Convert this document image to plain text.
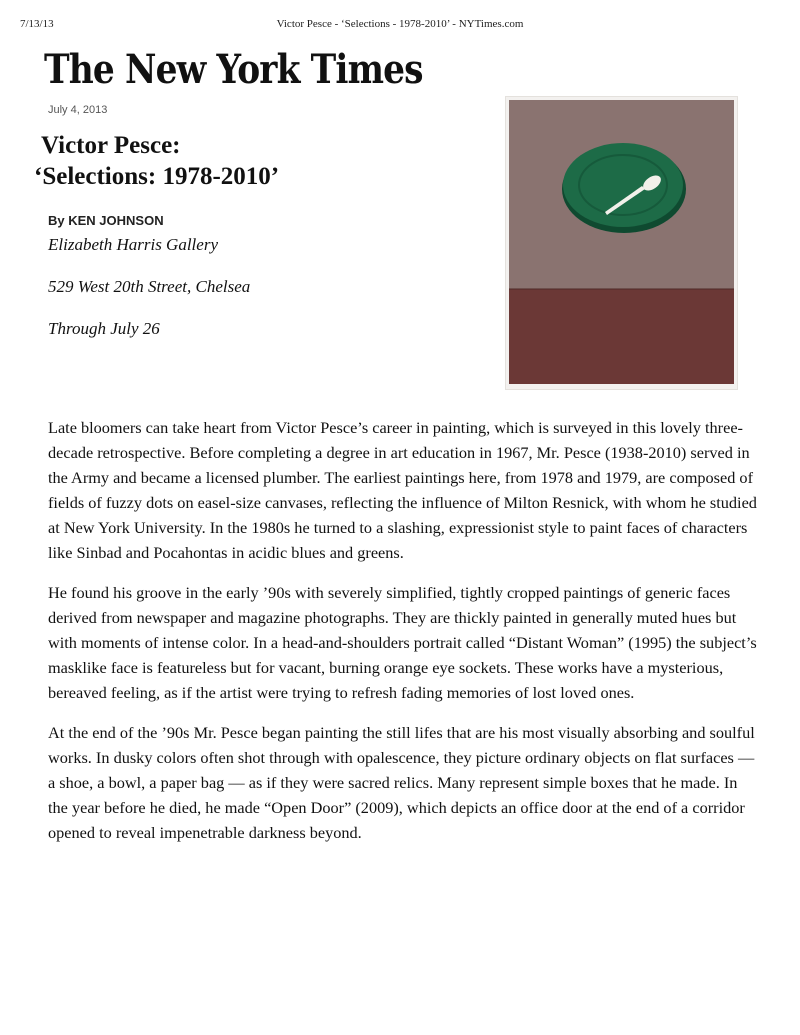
7/13/13	Victor Pesce - ‘Selections - 1978-2010’ - NYTimes.com
The New York Times
July 4, 2013
Victor Pesce:
‘Selections: 1978-2010’
By KEN JOHNSON
Elizabeth Harris Gallery
529 West 20th Street, Chelsea
Through July 26

Late bloomers can take heart from Victor Pesce’s career in painting, which is surveyed in this lovely three-decade retrospective. Before completing a degree in art education in 1967, Mr. Pesce (1938-2010) served in the Army and became a licensed plumber. The earliest paintings here, from 1978 and 1979, are composed of fields of fuzzy dots on easel-size canvases, reflecting the influence of Milton Resnick, with whom he studied at New York University. In the 1980s he turned to a slashing, expressionist style to paint faces of characters like Sinbad and Pocahontas in acidic blues and greens.

He found his groove in the early ’90s with severely simplified, tightly cropped paintings of generic faces derived from newspaper and magazine photographs. They are thickly painted in generally muted hues but with moments of intense color. In a head-and-shoulders portrait called “Distant Woman” (1995) the subject’s masklike face is featureless but for vacant, burning orange eye sockets. These works have a mysterious, bereaved feeling, as if the artist were trying to refresh fading memories of lost loved ones.

At the end of the ’90s Mr. Pesce began painting the still lifes that are his most visually absorbing and soulful works. In dusky colors often shot through with opalescence, they picture ordinary objects on flat surfaces — a shoe, a bowl, a paper bag — as if they were sacred relics. Many represent simple boxes that he made. In the year before he died, he made “Open Door” (2009), which depicts an office door at the end of a corridor opened to reveal impenetrable darkness beyond.
